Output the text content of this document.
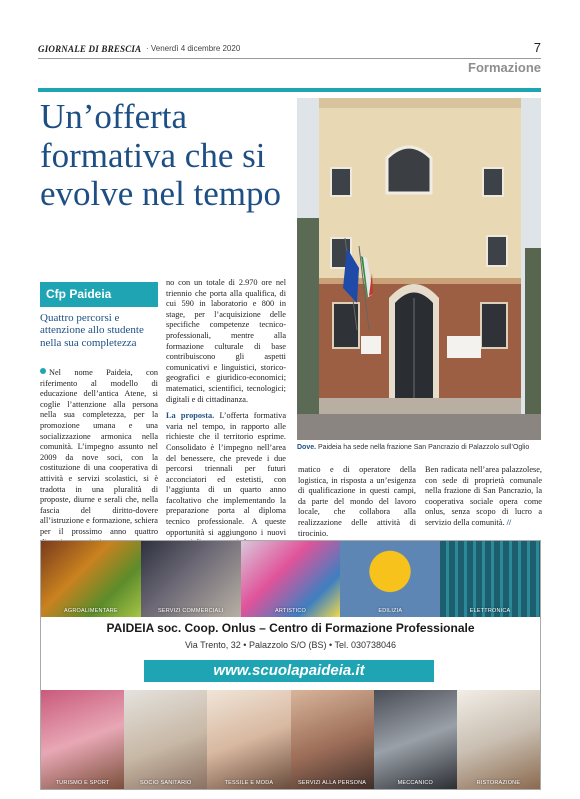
GIORNALE DI BRESCIA · Venerdì 4 dicembre 2020	7
Formazione
Un’offerta formativa che si evolve nel tempo
Cfp Paideia
Quattro percorsi e attenzione allo studente nella sua completezza
Nel nome Paideia, con riferimento al modello di educazione dell’antica Atene, si coglie l’attenzione alla persona nella sua completezza, per la promozione umana e una socializzazione armonica nella comunità. L’impegno assunto nel 2009 da nove soci, con la costituzione di una cooperativa di attività e servizi scolastici, si è tradotta in una pluralità di proposte, diurne e serali che, nella fascia del diritto-dovere all’istruzione e formazione, schiera per il prossimo anno quattro

no con un totale di 2.970 ore nel triennio che porta alla qualifica, di cui 590 in laboratorio e 800 in stage, per l’acquisizione delle specifiche competenze tecnico-professionali, mentre alla formazione culturale di base contribuiscono gli aspetti comunicativi e linguistici, storico-geografici e giuridico-economici; matematici, scientifici, tecnologici; digitali e di cittadinanza.

La proposta. L’offerta formativa varia nel tempo, in rapporto alle richieste che il territorio esprime. Consolidato è l’impegno nell’area del benessere, che prevede i due percorsi triennali per futuri acconciatori ed estetisti, con l’aggiunta di un quarto anno facoltativo che implementando la preparazione porta al diploma tecnico professionale. A queste opportunità si aggiungono i nuovi

matico e di operatore della logistica, in risposta a un’esigenza di qualificazione in questi campi, da parte del mondo del lavoro locale, che collabora alla realizzazione delle attività di tirocinio.
Ben radicata nell’area palazzolese, con sede di proprietà comunale nella frazione di San Pancrazio, la cooperativa sociale opera come onlus, senza scopo di lucro a servizio della comunità. //
Dove. Paideia ha sede nella frazione San Pancrazio di Palazzolo sull’Oglio
AGROALIMENTARE	SERVIZI COMMERCIALI	ARTISTICO	EDILIZIA	ELETTRONICA
PAIDEIA soc. Coop. Onlus – Centro di Formazione Professionale
Via Trento, 32 • Palazzolo S/O (BS) • Tel. 030738046
www.scuolapaideia.it
TURISMO E SPORT	SOCIO SANITARIO	TESSILE E MODA	SERVIZI ALLA PERSONA	MECCANICO	RISTORAZIONE
